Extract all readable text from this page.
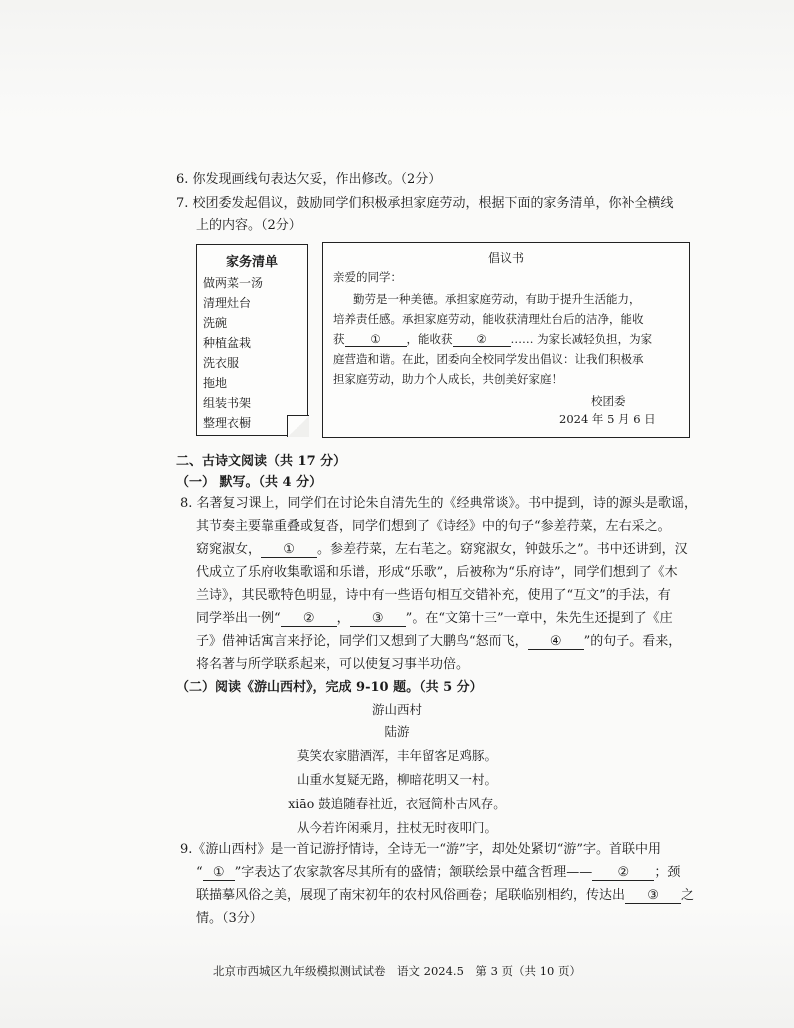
6. 你发现画线句表达欠妥，作出修改。（2分）
7. 校团委发起倡议，鼓励同学们积极承担家庭劳动，根据下面的家务清单，你补全横线
上的内容。（2分）
家务清单
做两菜一汤
清理灶台
洗碗
种植盆栽
洗衣服
拖地
组装书架
整理衣橱
倡议书
亲爱的同学：
勤劳是一种美德。承担家庭劳动，有助于提升生活能力，
培养责任感。承担家庭劳动，能收获清理灶台后的洁净，能收
获 ① ，能收获 ② …… 为家长减轻负担，为家
庭营造和谐。在此，团委向全校同学发出倡议：让我们积极承
担家庭劳动，助力个人成长，共创美好家庭！
校团委
2024 年 5 月 6 日
二、古诗文阅读（共 17 分）
（一） 默写。（共 4 分）
8. 名著复习课上，同学们在讨论朱自清先生的《经典常谈》。书中提到，诗的源头是歌谣，
其节奏主要靠重叠或复沓，同学们想到了《诗经》中的句子“参差荇菜，左右采之。
窈窕淑女， ① 。参差荇菜，左右芼之。窈窕淑女，钟鼓乐之”。书中还讲到，汉
代成立了乐府收集歌谣和乐谱，形成“乐歌”，后被称为“乐府诗”，同学们想到了《木
兰诗》，其民歌特色明显，诗中有一些语句相互交错补充，使用了“互文”的手法，有
同学举出一例“ ② ， ③ ”。在“文第十三”一章中，朱先生还提到了《庄
子》借神话寓言来抒论，同学们又想到了大鹏鸟“怒而飞， ④ ”的句子。看来，
将名著与所学联系起来，可以使复习事半功倍。
（二）阅读《游山西村》，完成 9-10 题。（共 5 分）
游山西村
陆游
莫笑农家腊酒浑，丰年留客足鸡豚。
山重水复疑无路，柳暗花明又一村。
xiāo 鼓追随春社近，衣冠简朴古风存。
从今若许闲乘月，拄杖无时夜叩门。
9.《游山西村》是一首记游抒情诗，全诗无一“游”字，却处处紧切“游”字。首联中用
“ ① ”字表达了农家款客尽其所有的盛情；颔联绘景中蕴含哲理—— ② ；颈
联描摹风俗之美，展现了南宋初年的农村风俗画卷；尾联临别相约，传达出 ③ 之
情。（3分）
北京市西城区九年级模拟测试试卷　语文 2024.5　第 3 页（共 10 页）
